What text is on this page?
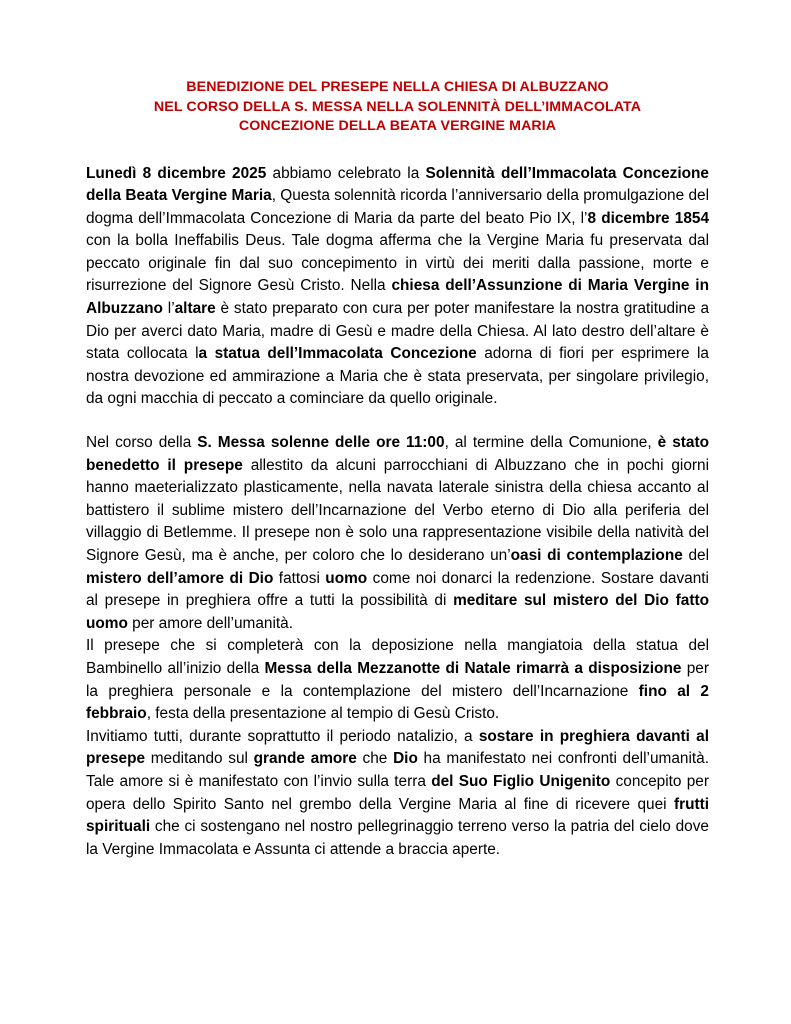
BENEDIZIONE DEL PRESEPE NELLA CHIESA DI ALBUZZANO
NEL CORSO DELLA S. MESSA NELLA SOLENNITÀ DELL’IMMACOLATA
CONCEZIONE DELLA BEATA VERGINE MARIA

Lunedì 8 dicembre 2025 abbiamo celebrato la Solennità dell’Immacolata Concezione della Beata Vergine Maria, Questa solennità ricorda l’anniversario della promulgazione del dogma dell’Immacolata Concezione di Maria da parte del beato Pio IX, l’8 dicembre 1854 con la bolla Ineffabilis Deus. Tale dogma afferma che la Vergine Maria fu preservata dal peccato originale fin dal suo concepimento in virtù dei meriti dalla passione, morte e risurrezione del Signore Gesù Cristo. Nella chiesa dell’Assunzione di Maria Vergine in Albuzzano l’altare è stato preparato con cura per poter manifestare la nostra gratitudine a Dio per averci dato Maria, madre di Gesù e madre della Chiesa. Al lato destro dell’altare è stata collocata la statua dell’Immacolata Concezione adorna di fiori per esprimere la nostra devozione ed ammirazione a Maria che è stata preservata, per singolare privilegio, da ogni macchia di peccato a cominciare da quello originale.

Nel corso della S. Messa solenne delle ore 11:00, al termine della Comunione, è stato benedetto il presepe allestito da alcuni parrocchiani di Albuzzano che in pochi giorni hanno maeterializzato plasticamente, nella navata laterale sinistra della chiesa accanto al battistero il sublime mistero dell’Incarnazione del Verbo eterno di Dio alla periferia del villaggio di Betlemme. Il presepe non è solo una rappresentazione visibile della natività del Signore Gesù, ma è anche, per coloro che lo desiderano un’oasi di contemplazione del mistero dell’amore di Dio fattosi uomo come noi donarci la redenzione. Sostare davanti al presepe in preghiera offre a tutti la possibilità di meditare sul mistero del Dio fatto uomo per amore dell’umanità.

Il presepe che si completerà con la deposizione nella mangiatoia della statua del Bambinello all’inizio della Messa della Mezzanotte di Natale rimarrà a disposizione per la preghiera personale e la contemplazione del mistero dell’Incarnazione fino al 2 febbraio, festa della presentazione al tempio di Gesù Cristo.

Invitiamo tutti, durante soprattutto il periodo natalizio, a sostare in preghiera davanti al presepe meditando sul grande amore che Dio ha manifestato nei confronti dell’umanità. Tale amore si è manifestato con l’invio sulla terra del Suo Figlio Unigenito concepito per opera dello Spirito Santo nel grembo della Vergine Maria al fine di ricevere quei frutti spirituali che ci sostengano nel nostro pellegrinaggio terreno verso la patria del cielo dove la Vergine Immacolata e Assunta ci attende a braccia aperte.
